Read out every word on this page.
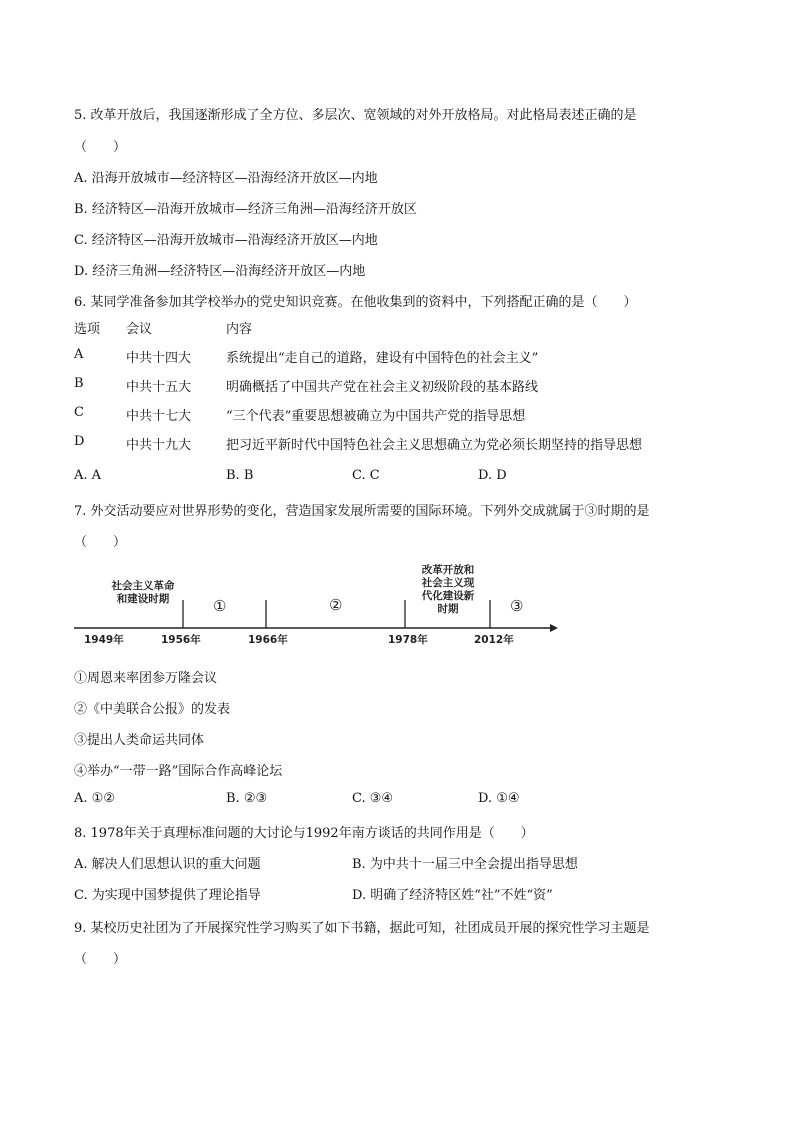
5. 改革开放后，我国逐渐形成了全方位、多层次、宽领域的对外开放格局。对此格局表述正确的是
（　　）
A. 沿海开放城市—经济特区—沿海经济开放区—内地
B. 经济特区—沿海开放城市—经济三角洲—沿海经济开放区
C. 经济特区—沿海开放城市—沿海经济开放区—内地
D. 经济三角洲—经济特区—沿海经济开放区—内地
6. 某同学准备参加其学校举办的党史知识竞赛。在他收集到的资料中，下列搭配正确的是（　　）
选项 会议	内容
A	中共十四大	系统提出“走自己的道路，建设有中国特色的社会主义”
B	中共十五大	明确概括了中国共产党在社会主义初级阶段的基本路线
C	中共十七大	“三个代表”重要思想被确立为中国共产党的指导思想
D	中共十九大	把习近平新时代中国特色社会主义思想确立为党必须长期坚持的指导思想
A. A	B. B	C. C	D. D
7. 外交活动要应对世界形势的变化，营造国家发展所需要的国际环境。下列外交成就属于③时期的是
（　　）
社会主义革命
和建设时期
改革开放和
社会主义现
代化建设新
时期
①	②	③
1949年	1956年	1966年	1978年	2012年
①周恩来率团参万隆会议
②《中美联合公报》的发表
③提出人类命运共同体
④举办“一带一路”国际合作高峰论坛
A. ①②	B. ②③	C. ③④	D. ①④
8. 1978年关于真理标准问题的大讨论与1992年南方谈话的共同作用是（　　）
A. 解决人们思想认识的重大问题	B. 为中共十一届三中全会提出指导思想
C. 为实现中国梦提供了理论指导	D. 明确了经济特区姓“社”不姓“资”
9. 某校历史社团为了开展探究性学习购买了如下书籍，据此可知，社团成员开展的探究性学习主题是
（　　）
